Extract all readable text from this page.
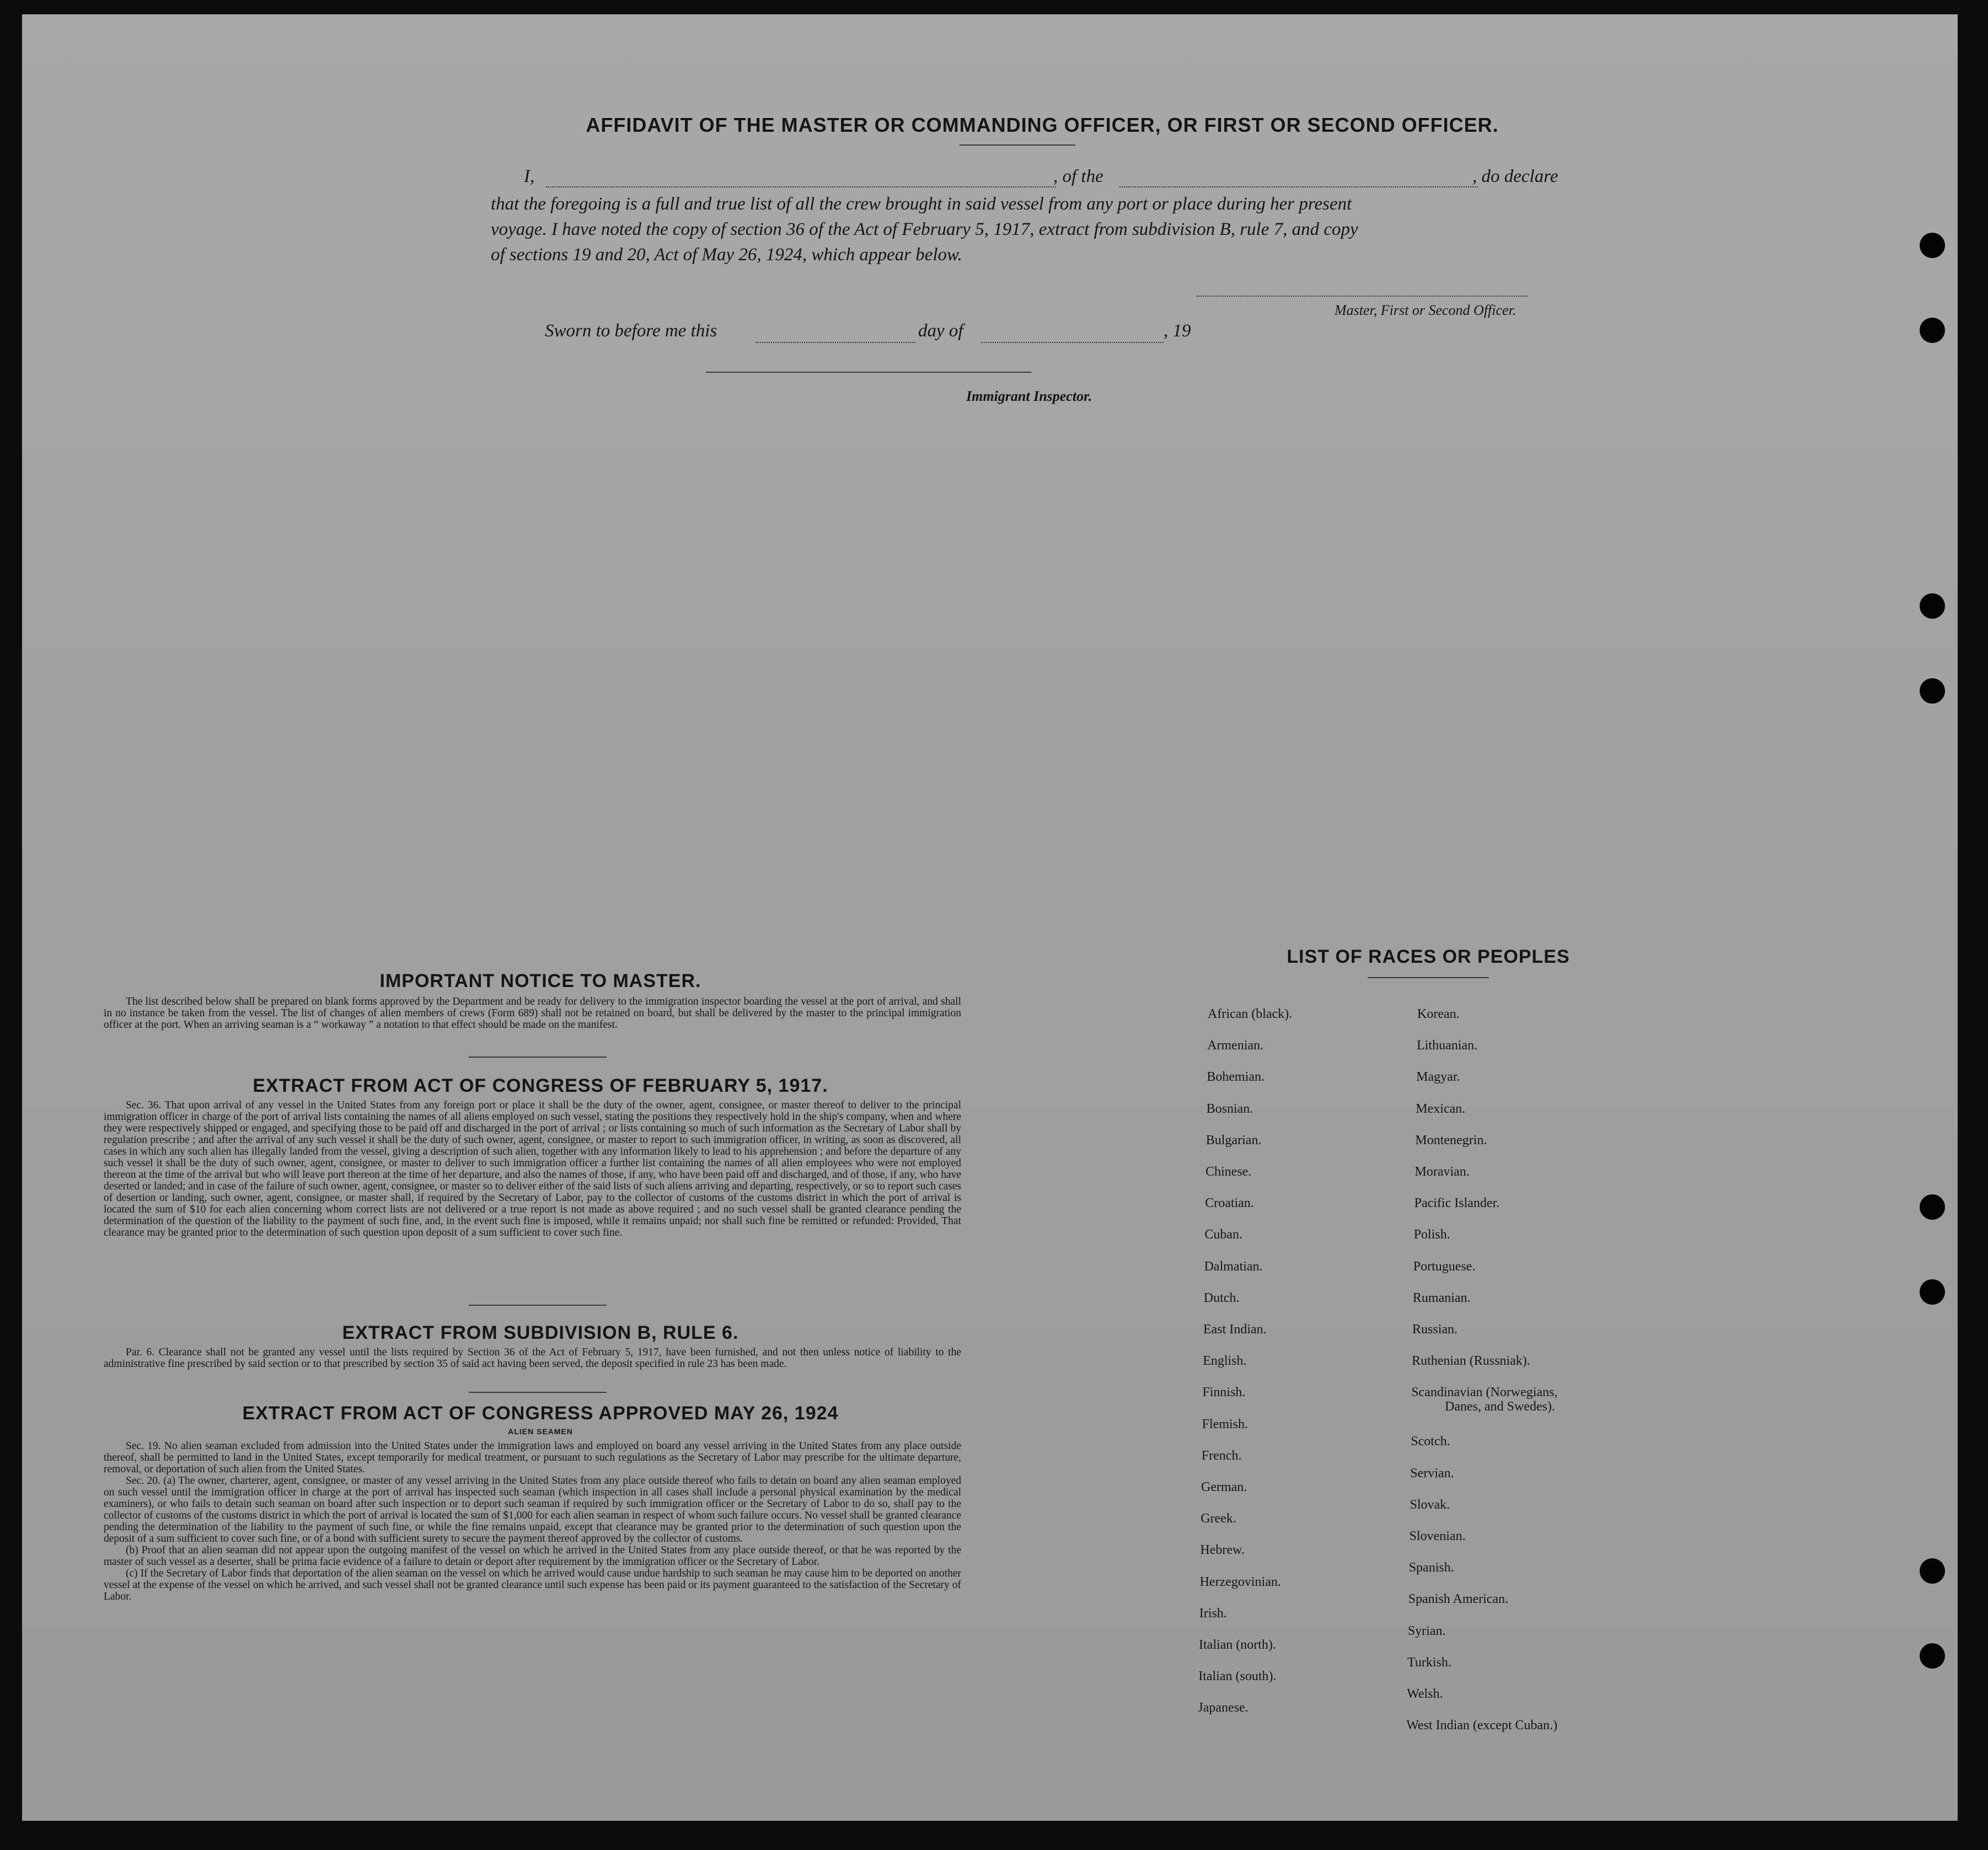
AFFIDAVIT OF THE MASTER OR COMMANDING OFFICER, OR FIRST OR SECOND OFFICER.
I,	, of the	, do declare
that the foregoing is a full and true list of all the crew brought in said vessel from any port or place during her present
voyage. I have noted the copy of section 36 of the Act of February 5, 1917, extract from subdivision B, rule 7, and copy
of sections 19 and 20, Act of May 26, 1924, which appear below.
Master, First or Second Officer.
Sworn to before me this	day of	, 19
Immigrant Inspector.
IMPORTANT NOTICE TO MASTER.

The list described below shall be prepared on blank forms approved by the Department and be ready for delivery to the immigration inspector boarding the vessel at the port of arrival, and shall in no instance be taken from the vessel. The list of changes of alien members of crews (Form 689) shall not be retained on board, but shall be delivered by the master to the principal immigration officer at the port. When an arriving seaman is a “ workaway ” a notation to that effect should be made on the manifest.

EXTRACT FROM ACT OF CONGRESS OF FEBRUARY 5, 1917.

Sec. 36. That upon arrival of any vessel in the United States from any foreign port or place it shall be the duty of the owner, agent, consignee, or master thereof to deliver to the principal immigration officer in charge of the port of arrival lists containing the names of all aliens employed on such vessel, stating the positions they respectively hold in the ship's company, when and where they were respectively shipped or engaged, and specifying those to be paid off and discharged in the port of arrival ; or lists containing so much of such information as the Secretary of Labor shall by regulation prescribe ; and after the arrival of any such vessel it shall be the duty of such owner, agent, consignee, or master to report to such immigration officer, in writing, as soon as discovered, all cases in which any such alien has illegally landed from the vessel, giving a description of such alien, together with any information likely to lead to his apprehension ; and before the departure of any such vessel it shall be the duty of such owner, agent, consignee, or master to deliver to such immigration officer a further list containing the names of all alien employees who were not employed thereon at the time of the arrival but who will leave port thereon at the time of her departure, and also the names of those, if any, who have been paid off and discharged, and of those, if any, who have deserted or landed; and in case of the failure of such owner, agent, consignee, or master so to deliver either of the said lists of such aliens arriving and departing, respectively, or so to report such cases of desertion or landing, such owner, agent, consignee, or master shall, if required by the Secretary of Labor, pay to the collector of customs of the customs district in which the port of arrival is located the sum of $10 for each alien concerning whom correct lists are not delivered or a true report is not made as above required ; and no such vessel shall be granted clearance pending the determination of the question of the liability to the payment of such fine, and, in the event such fine is imposed, while it remains unpaid; nor shall such fine be remitted or refunded: Provided, That clearance may be granted prior to the determination of such question upon deposit of a sum sufficient to cover such fine.

EXTRACT FROM SUBDIVISION B, RULE 6.

Par. 6. Clearance shall not be granted any vessel until the lists required by Section 36 of the Act of February 5, 1917, have been furnished, and not then unless notice of liability to the administrative fine prescribed by said section or to that prescribed by section 35 of said act having been served, the deposit specified in rule 23 has been made.

EXTRACT FROM ACT OF CONGRESS APPROVED MAY 26, 1924
ALIEN SEAMEN

Sec. 19. No alien seaman excluded from admission into the United States under the immigration laws and employed on board any vessel arriving in the United States from any place outside thereof, shall be permitted to land in the United States, except temporarily for medical treatment, or pursuant to such regulations as the Secretary of Labor may prescribe for the ultimate departure, removal, or deportation of such alien from the United States.

Sec. 20. (a) The owner, charterer, agent, consignee, or master of any vessel arriving in the United States from any place outside thereof who fails to detain on board any alien seaman employed on such vessel until the immigration officer in charge at the port of arrival has inspected such seaman (which inspection in all cases shall include a personal physical examination by the medical examiners), or who fails to detain such seaman on board after such inspection or to deport such seaman if required by such immigration officer or the Secretary of Labor to do so, shall pay to the collector of customs of the customs district in which the port of arrival is located the sum of $1,000 for each alien seaman in respect of whom such failure occurs. No vessel shall be granted clearance pending the determination of the liability to the payment of such fine, or while the fine remains unpaid, except that clearance may be granted prior to the determination of such question upon the deposit of a sum sufficient to cover such fine, or of a bond with sufficient surety to secure the payment thereof approved by the collector of customs.

(b) Proof that an alien seaman did not appear upon the outgoing manifest of the vessel on which he arrived in the United States from any place outside thereof, or that he was reported by the master of such vessel as a deserter, shall be prima facie evidence of a failure to detain or deport after requirement by the immigration officer or the Secretary of Labor.

(c) If the Secretary of Labor finds that deportation of the alien seaman on the vessel on which he arrived would cause undue hardship to such seaman he may cause him to be deported on another vessel at the expense of the vessel on which he arrived, and such vessel shall not be granted clearance until such expense has been paid or its payment guaranteed to the satisfaction of the Secretary of Labor.

LIST OF RACES OR PEOPLES
African (black).
Armenian.
Bohemian.
Bosnian.
Bulgarian.
Chinese.
Croatian.
Cuban.
Dalmatian.
Dutch.
East Indian.
English.
Finnish.
Flemish.
French.
German.
Greek.
Hebrew.
Herzegovinian.
Irish.
Italian (north).
Italian (south).
Japanese.
Korean.
Lithuanian.
Magyar.
Mexican.
Montenegrin.
Moravian.
Pacific Islander.
Polish.
Portuguese.
Rumanian.
Russian.
Ruthenian (Russniak).
Scandinavian (Norwegians,
Danes, and Swedes).
Scotch.
Servian.
Slovak.
Slovenian.
Spanish.
Spanish American.
Syrian.
Turkish.
Welsh.
West Indian (except Cuban.)
